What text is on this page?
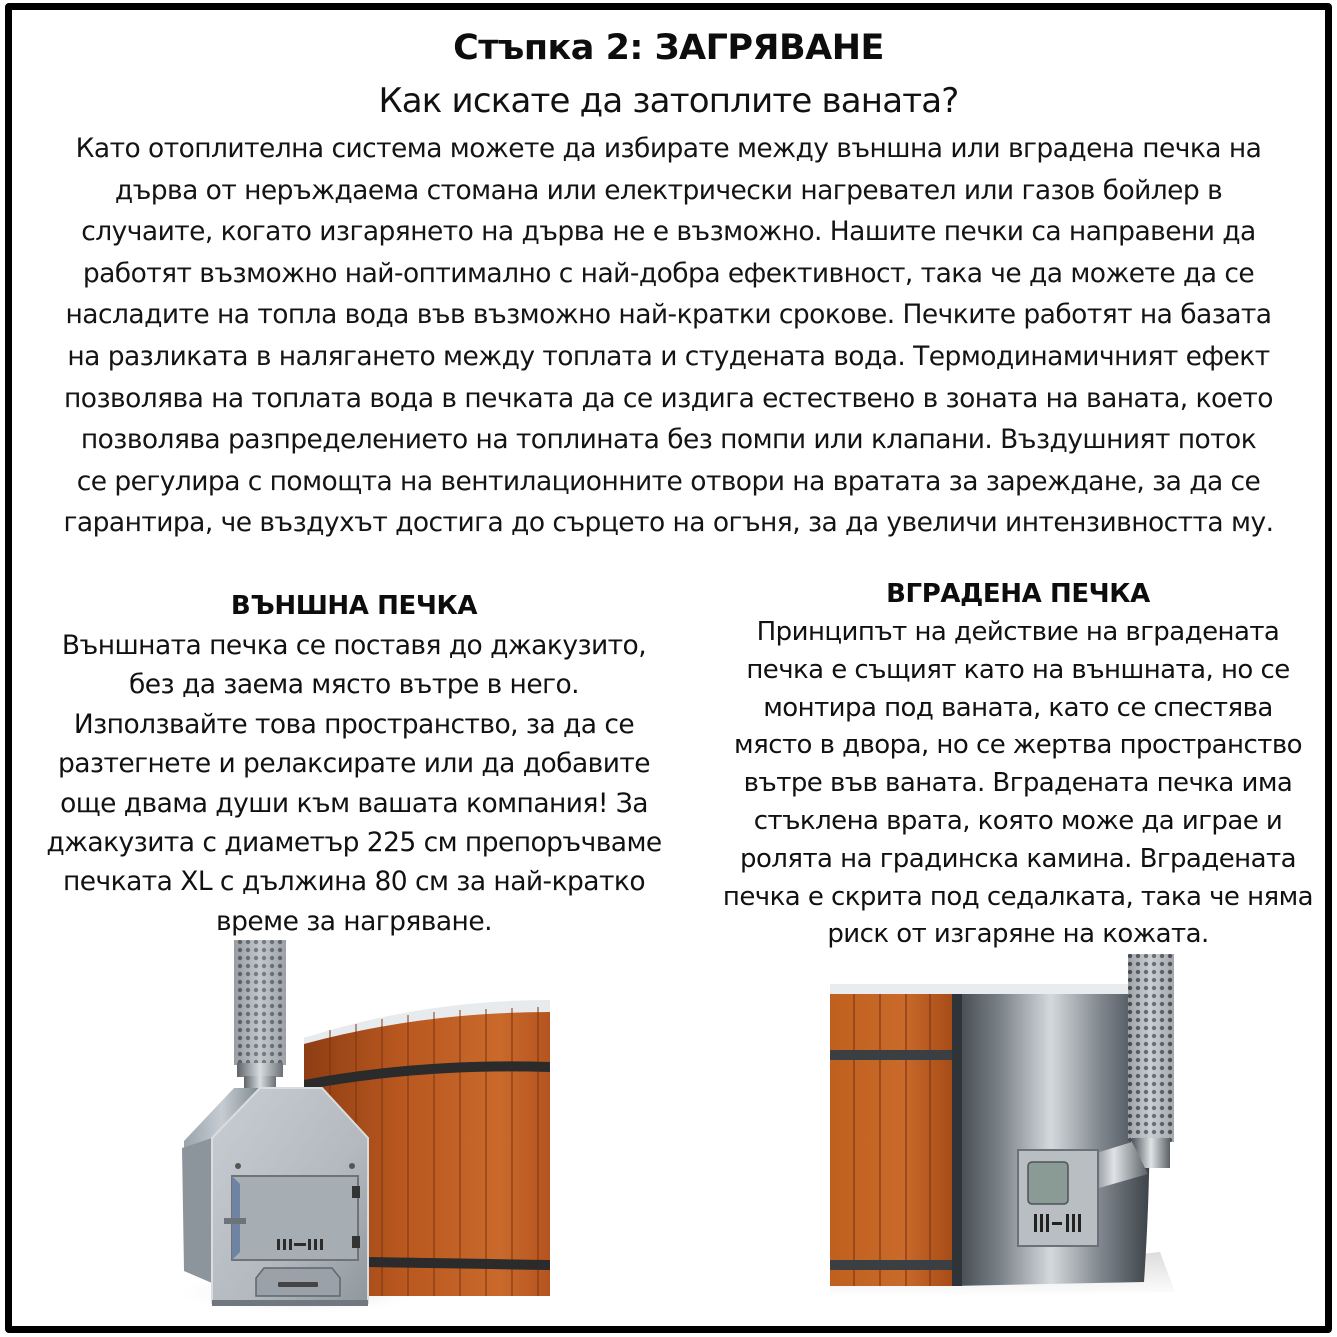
Стъпка 2: ЗАГРЯВАНЕ
Как искате да затоплите ваната?
Като отоплителна система можете да избирате между външна или вградена печка на
дърва от неръждаема стомана или електрически нагревател или газов бойлер в
случаите, когато изгарянето на дърва не е възможно. Нашите печки са направени да
работят възможно най-оптимално с най-добра ефективност, така че да можете да се
насладите на топла вода във възможно най-кратки срокове. Печките работят на базата
на разликата в налягането между топлата и студената вода. Термодинамичният ефект
позволява на топлата вода в печката да се издига естествено в зоната на ваната, което
позволява разпределението на топлината без помпи или клапани. Въздушният поток
се регулира с помощта на вентилационните отвори на вратата за зареждане, за да се
гарантира, че въздухът достига до сърцето на огъня, за да увеличи интензивността му.
ВЪНШНА ПЕЧКА
Външната печка се поставя до джакузито,
без да заема място вътре в него.
Използвайте това пространство, за да се
разтегнете и релаксирате или да добавите
още двама души към вашата компания! За
джакузита с диаметър 225 см препоръчваме
печката XL с дължина 80 см за най-кратко
време за нагряване.
ВГРАДЕНА ПЕЧКА
Принципът на действие на вградената
печка е същият като на външната, но се
монтира под ваната, като се спестява
място в двора, но се жертва пространство
вътре във ваната. Вградената печка има
стъклена врата, която може да играе и
ролята на градинска камина. Вградената
печка е скрита под седалката, така че няма
риск от изгаряне на кожата.
